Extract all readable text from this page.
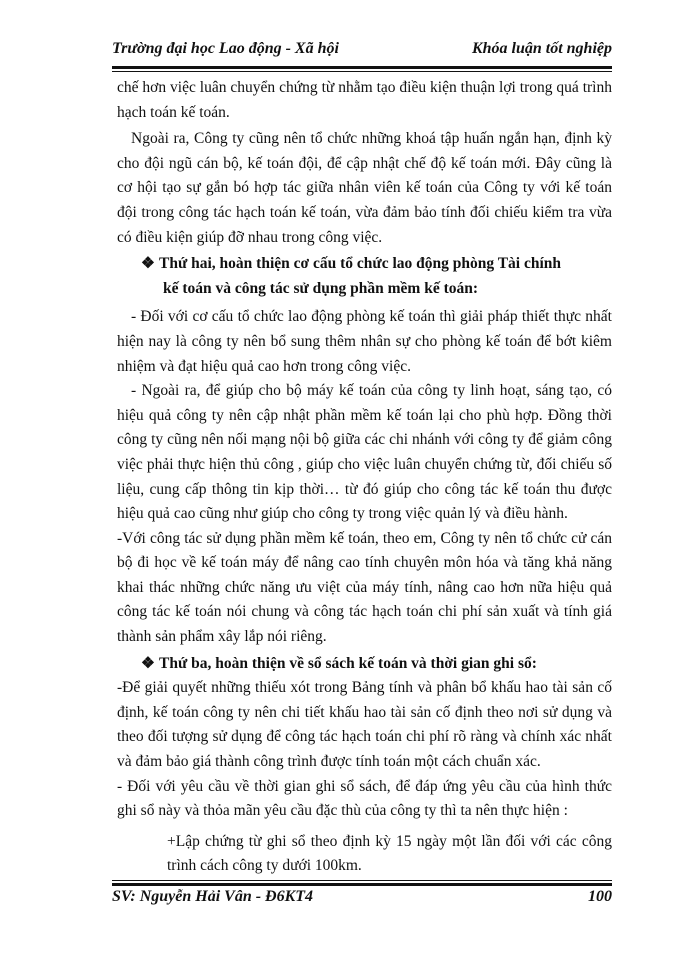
Trường đại học Lao động - Xã hội	Khóa luận tốt nghiệp

chế hơn việc luân chuyển chứng từ nhằm tạo điều kiện thuận lợi trong quá trình hạch toán kế toán.

Ngoài ra, Công ty cũng nên tổ chức những khoá tập huấn ngắn hạn, định kỳ cho đội ngũ cán bộ, kế toán đội, để cập nhật chế độ kế toán mới. Đây cũng là cơ hội tạo sự gắn bó hợp tác giữa nhân viên kế toán của Công ty với kế toán đội trong công tác hạch toán kế toán, vừa đảm bảo tính đối chiếu kiểm tra vừa có điều kiện giúp đỡ nhau trong công việc.

❖ Thứ hai, hoàn thiện cơ cấu tổ chức lao động phòng Tài chính
kế toán và công tác sử dụng phần mềm kế toán:

- Đối với cơ cấu tổ chức lao động phòng kế toán thì giải pháp thiết thực nhất hiện nay là công ty nên bổ sung thêm nhân sự cho phòng kế toán để bớt kiêm nhiệm và đạt hiệu quả cao hơn trong công việc.

- Ngoài ra, để giúp cho bộ máy kế toán của công ty linh hoạt, sáng tạo, có hiệu quả công ty nên cập nhật phần mềm kế toán lại cho phù hợp. Đồng thời công ty cũng nên nối mạng nội bộ giữa các chi nhánh với công ty để giảm công việc phải thực hiện thủ công , giúp cho việc luân chuyển chứng từ, đối chiếu số liệu, cung cấp thông tin kịp thời… từ đó giúp cho công tác kế toán thu được hiệu quả cao cũng như giúp cho công ty trong việc quản lý và điều hành.

-Với công tác sử dụng phần mềm kế toán, theo em, Công ty nên tổ chức cử cán bộ đi học về kế toán máy để nâng cao tính chuyên môn hóa và tăng khả năng khai thác những chức năng ưu việt của máy tính, nâng cao hơn nữa hiệu quả công tác kế toán nói chung và công tác hạch toán chi phí sản xuất và tính giá thành sản phẩm xây lắp nói riêng.

❖ Thứ ba, hoàn thiện về sổ sách kế toán và thời gian ghi sổ:

-Để giải quyết những thiếu xót trong Bảng tính và phân bổ khấu hao tài sản cố định, kế toán công ty nên chi tiết khấu hao tài sản cố định theo nơi sử dụng và theo đối tượng sử dụng để công tác hạch toán chi phí rõ ràng và chính xác nhất và đảm bảo giá thành công trình được tính toán một cách chuẩn xác.

- Đối với yêu cầu về thời gian ghi sổ sách, để đáp ứng yêu cầu của hình thức ghi sổ này và thỏa mãn yêu cầu đặc thù của công ty thì ta nên thực hiện :

+Lập chứng từ ghi sổ theo định kỳ 15 ngày một lần đối với các công trình cách công ty dưới 100km.

SV: Nguyễn Hải Vân - Đ6KT4	100
